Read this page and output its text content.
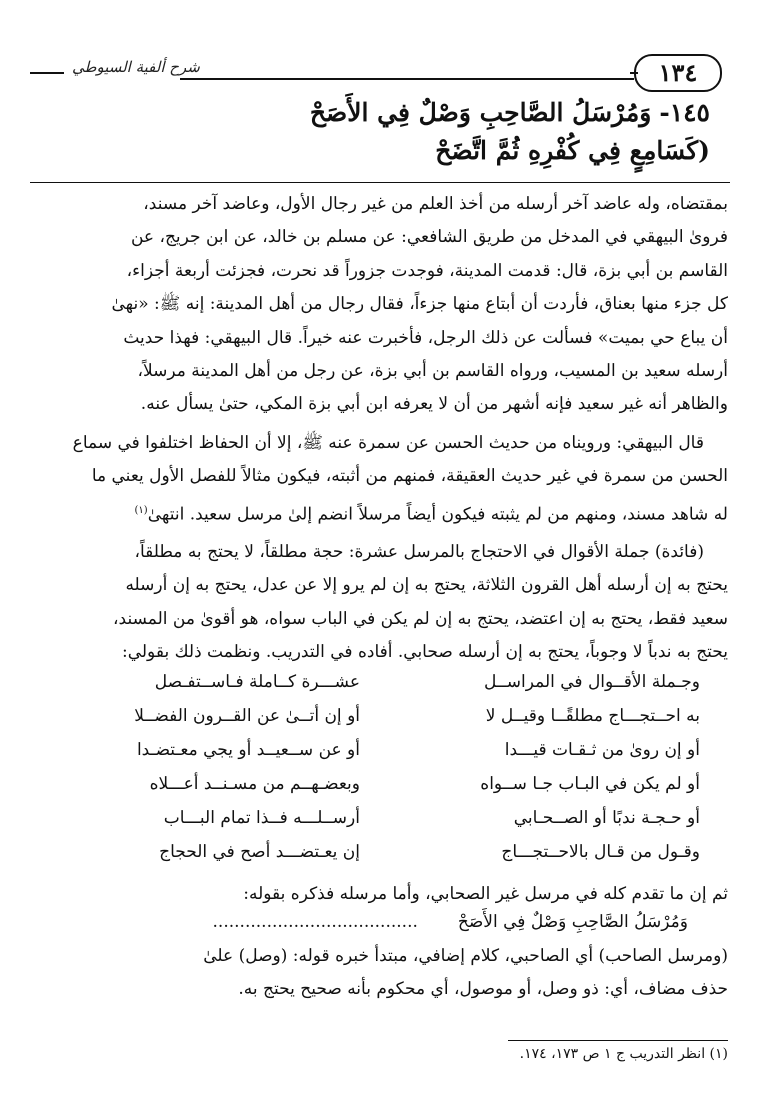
١٣٤
شرح ألفية السيوطي
١٤٥-وَمُرْسَلُ الصَّاحِبِ وَصْلٌ فِي الأَصَحْ
(كَسَامِعٍ فِي كُفْرِهِ ثُمَّ اتَّضَحْ

بمقتضاه، وله عاضد آخر أرسله من أخذ العلم من غير رجال الأول، وعاضد آخر مسند،

فروىٰ البيهقي في المدخل من طريق الشافعي: عن مسلم بن خالد، عن ابن جريج، عن

القاسم بن أبي بزة، قال: قدمت المدينة، فوجدت جزوراً قد نحرت، فجزئت أربعة أجزاء،

كل جزء منها بعناق، فأردت أن أبتاع منها جزءاً، فقال رجال من أهل المدينة: إنه ﷺ: «نهىٰ

أن يباع حي بميت» فسألت عن ذلك الرجل، فأخبرت عنه خيراً. قال البيهقي: فهذا حديث

أرسله سعيد بن المسيب، ورواه القاسم بن أبي بزة، عن رجل من أهل المدينة مرسلاً،

والظاهر أنه غير سعيد فإنه أشهر من أن لا يعرفه ابن أبي بزة المكي، حتىٰ يسأل عنه.

قال البيهقي: ورويناه من حديث الحسن عن سمرة عنه ﷺ، إلا أن الحفاظ اختلفوا في سماع

الحسن من سمرة في غير حديث العقيقة، فمنهم من أثبته، فيكون مثالاً للفصل الأول يعني ما

له شاهد مسند، ومنهم من لم يثبته فيكون أيضاً مرسلاً انضم إلىٰ مرسل سعيد. انتهىٰ$^{(١)}$

(فائدة) جملة الأقوال في الاحتجاج بالمرسل عشرة: حجة مطلقاً، لا يحتج به مطلقاً،

يحتج به إن أرسله أهل القرون الثلاثة، يحتج به إن لم يرو إلا عن عدل، يحتج به إن أرسله

سعيد فقط، يحتج به إن اعتضد، يحتج به إن لم يكن في الباب سواه، هو أقوىٰ من المسند،

يحتج به ندباً لا وجوباً، يحتج به إن أرسله صحابي. أفاده في التدريب. ونظمت ذلك بقولي:

وجـملة الأقــوال في المراســل
عشـــرة كــاملة فـاســتفـصل
به احــتجـــاج مطلقًــا وقيــل لا
أو إن أتــىٰ عن القــرون الفضــلا
أو إن روىٰ من ثـقـات قيـــدا
أو عن ســعيــد أو يجي معـتضـدا
أو لم يكن في البـاب جـا ســواه
وبعضـهــم من مسـنــد أعـــلاه
أو حـجـة ندبًا أو الصــحـابي
أرســلـــه فــذا تمام البـــاب
وقـول من قـال بالاحــتجـــاج
إن يعـتضـــد أصح في الحجاج

ثم إن ما تقدم كله في مرسل غير الصحابي، وأما مرسله فذكره بقوله:

وَمُرْسَلُ الصَّاحِبِ وَصْلٌ فِي الأَصَحْ......................................

(ومرسل الصاحب) أي الصاحبي، كلام إضافي، مبتدأ خبره قوله: (وصل) علىٰ

حذف مضاف، أي: ذو وصل، أو موصول، أي محكوم بأنه صحيح يحتج به.

(١) انظر التدريب ج ١ ص ١٧٣، ١٧٤.
